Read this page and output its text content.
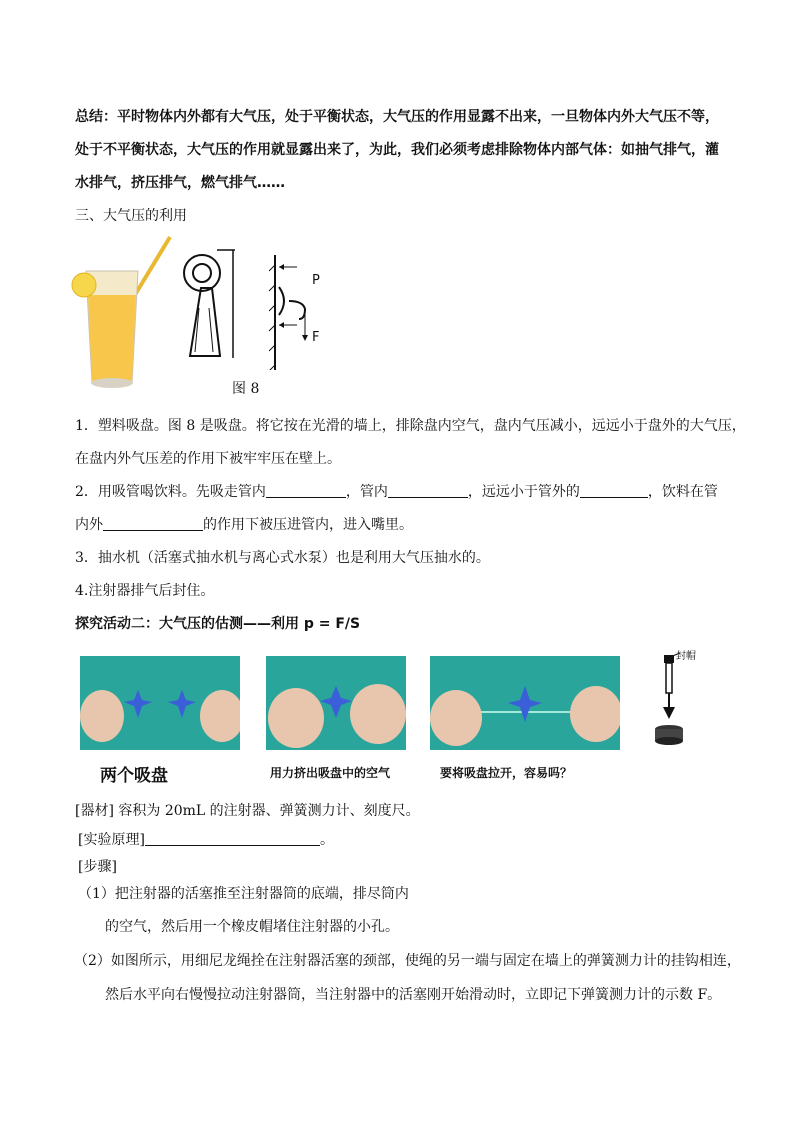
总结：平时物体内外都有大气压，处于平衡状态，大气压的作用显露不出来，一旦物体内外大气压不等，
处于不平衡状态，大气压的作用就显露出来了，为此，我们必须考虑排除物体内部气体：如抽气排气，灌
水排气，挤压排气，燃气排气……
三、大气压的利用
P
F
图 8
1．塑料吸盘。图 8 是吸盘。将它按在光滑的墙上，排除盘内空气，盘内气压减小，远远小于盘外的大气压，
在盘内外气压差的作用下被牢牢压在壁上。
2．用吸管喝饮料。先吸走管内	，管内	，远远小于管外的	，饮料在管
内外	的作用下被压进管内，进入嘴里。
3．抽水机（活塞式抽水机与离心式水泵）也是利用大气压抽水的。
4.注射器排气后封住。
探究活动二：大气压的估测——利用 p = F/S
封帽
两个吸盘	用力挤出吸盘中的空气	要将吸盘拉开，容易吗？
[器材] 容积为 20mL 的注射器、弹簧测力计、刻度尺。
[实验原理]	。
[步骤]
（1）把注射器的活塞推至注射器筒的底端，排尽筒内
的空气，然后用一个橡皮帽堵住注射器的小孔。
（2）如图所示，用细尼龙绳拴在注射器活塞的颈部，使绳的另一端与固定在墙上的弹簧测力计的挂钩相连，
然后水平向右慢慢拉动注射器筒，当注射器中的活塞刚开始滑动时，立即记下弹簧测力计的示数 F。
